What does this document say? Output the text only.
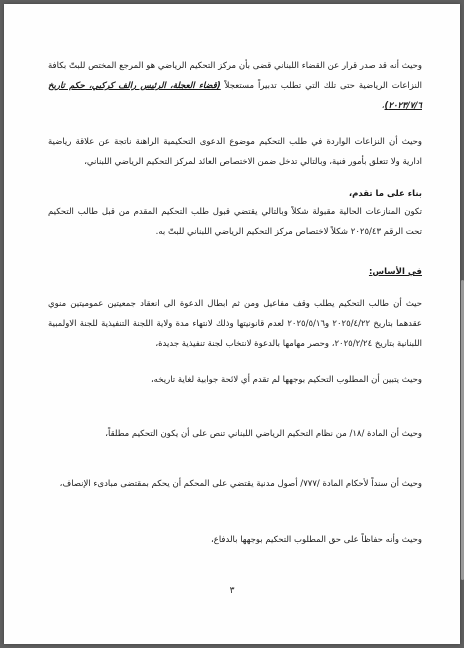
وحيث أنه قد صدر قرار عن القضاء اللبناني قضى بأن مركز التحكيم الرياضي هو المرجع المختص للبتّ بكافة النزاعات الرياضية حتى تلك التي تطلب تدبيراً مستعجلاً (قضاء العجلة، الرئيس رالف كركبي، حكم تاريخ ٢٠٢٣/٧/٦)،

وحيث أن النزاعات الواردة في طلب التحكيم موضوع الدعوى التحكيمية الراهنة ناتجة عن علاقة رياضية ادارية ولا تتعلق بأمور فنية، وبالتالي تدخل ضمن الاختصاص العائد لمركز التحكيم الرياضي اللبناني،

بناء على ما تقدم،

تكون المنازعات الحالية مقبولة شكلاً وبالتالي يقتضي قبول طلب التحكيم المقدم من قبل طالب التحكيم تحت الرقم ٢٠٢٥/٤٣ شكلاً لاختصاص مركز التحكيم الرياضي اللبناني للبتّ به.

في الأساس:

حيث أن طالب التحكيم يطلب وقف مفاعيل ومن ثم ابطال الدعوة الى انعقاد جمعيتين عموميتين منوي عقدهما بتاريخ ٢٠٢٥/٤/٢٢ و٢٠٢٥/٥/١٦ لعدم قانونيتها وذلك لانتهاء مدة ولاية اللجنة التنفيذية للجنة الاولمبية اللبنانية بتاريخ ٢٠٢٥/٢/٢٤، وحصر مهامها بالدعوة لانتخاب لجنة تنفيذية جديدة،

وحيث يتبين أن المطلوب التحكيم بوجهها لم تقدم أي لائحة جوابية لغاية تاريخه،

وحيث أن المادة /١٨/ من نظام التحكيم الرياضي اللبناني تنص على أن يكون التحكيم مطلقاً،

وحيث أن سنداً لأحكام المادة /٧٧٧/ أصول مدنية يقتضي على المحكم أن يحكم بمقتضى مبادىء الإنصاف،

وحيث وأنه حفاظاً على حق المطلوب التحكيم بوجهها بالدفاع،

٣
